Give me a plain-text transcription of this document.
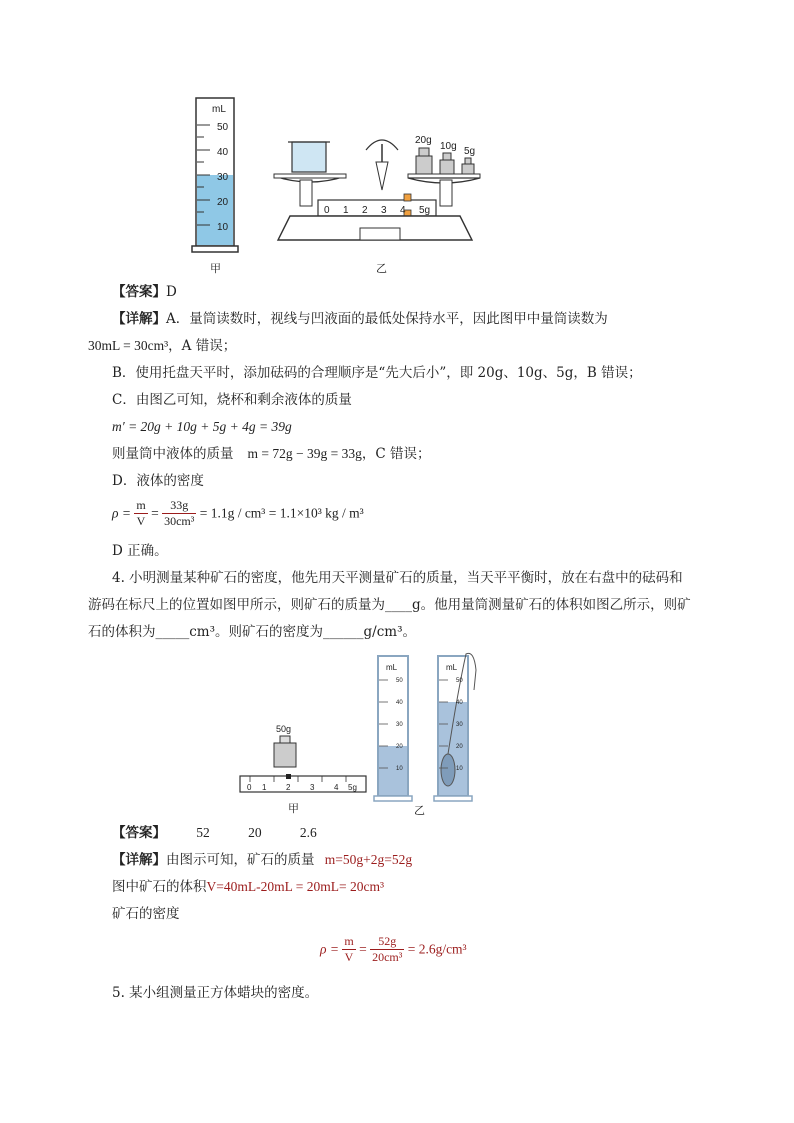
mL
50
40
30
20
10
甲
20g
10g 5g
0 1 2 3 4 5g
乙
【答案】D
【详解】A．量筒读数时，视线与凹液面的最低处保持水平，因此图甲中量筒读数为
30mL = 30cm³，A 错误；
B．使用托盘天平时，添加砝码的合理顺序是“先大后小”，即 20g、10g、5g，B 错误；
C．由图乙可知，烧杯和剩余液体的质量
m′ = 20g + 10g + 5g + 4g = 39g
则量筒中液体的质量 m = 72g − 39g = 33g，C 错误；
D．液体的密度
$\rho = \frac{m}{V} = \frac{33g}{\text{30cm³}} = 1.1g / cm^3 = 1.1\times 10^3$ kg / m³
D 正确。
4. 小明测量某种矿石的密度，他先用天平测量矿石的质量，当天平平衡时，放在右盘中的砝码和
游码在标尺上的位置如图甲所示，则矿石的质量为____g。他用量筒测量矿石的体积如图乙所示，则矿
石的体积为_____cm³。则矿石的密度为______g/cm³。
50g
0 1 2 3 4 5g
甲
mL
50
40
30
20
10
mL
50
40
30
20
10
乙
【答案】 52	20	2.6
【详解】由图示可知，矿石的质量 m=50g+2g=52g
图中矿石的体积V=40mL-20mL = 20mL= 20cm³
矿石的密度
$\rho = \frac{m}{V} = \frac{52g}{\text{20cm³}} = 2.6g/cm^3$
5. 某小组测量正方体蜡块的密度。
